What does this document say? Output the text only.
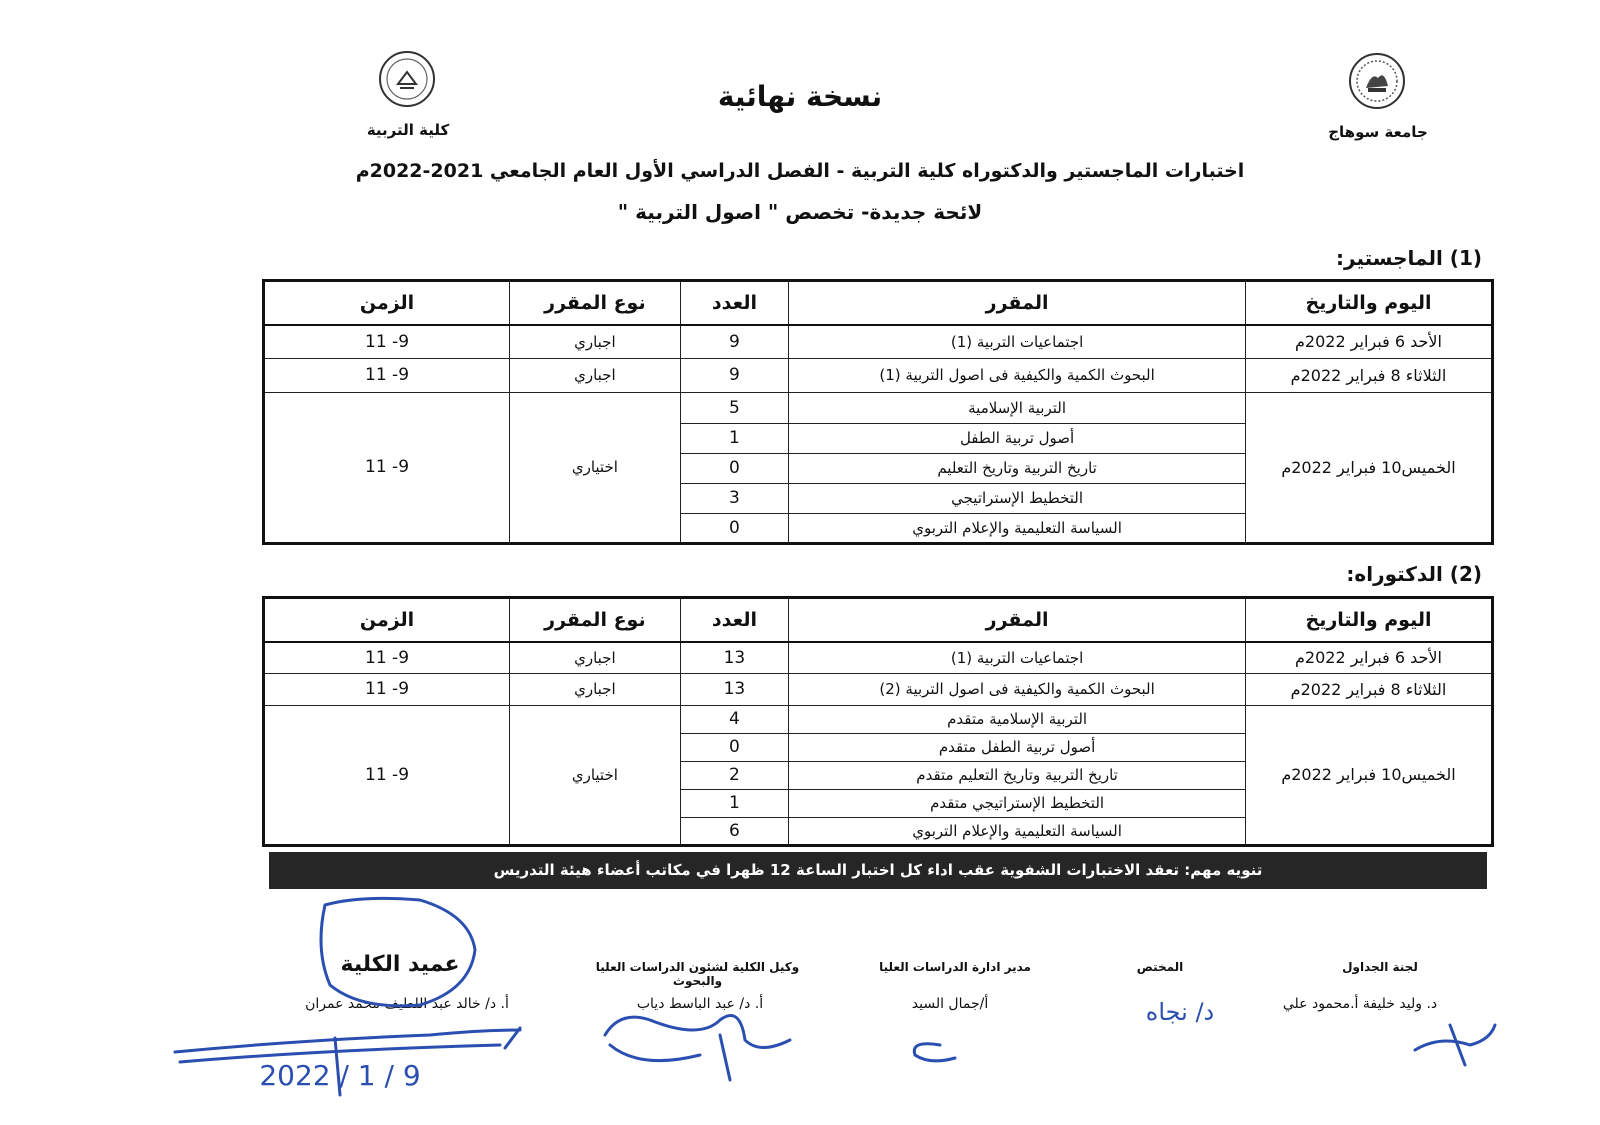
جامعة سوهاج
كلية التربية
نسخة نهائية
اختبارات الماجستير والدكتوراه كلية التربية - الفصل الدراسي الأول العام الجامعي 2021-2022م
لائحة جديدة- تخصص " اصول التربية "
(1) الماجستير:
اليوم والتاريخ	المقرر	العدد	نوع المقرر	الزمن
الأحد 6 فبراير 2022م	اجتماعيات التربية (1)	9	اجباري	9- 11
الثلاثاء 8 فبراير 2022م	البحوث الكمية والكيفية فى اصول التربية (1)	9	اجباري	9- 11
الخميس10 فبراير 2022م	التربية الإسلامية	5	اختياري	9- 11
	أصول تربية الطفل	1		
	تاريخ التربية وتاريخ التعليم	0		
	التخطيط الإستراتيجي	3		
	السياسة التعليمية والإعلام التربوي	0		
(2) الدكتوراه:
اليوم والتاريخ	المقرر	العدد	نوع المقرر	الزمن
الأحد 6 فبراير 2022م	اجتماعيات التربية (1)	13	اجباري	9- 11
الثلاثاء 8 فبراير 2022م	البحوث الكمية والكيفية فى اصول التربية (2)	13	اجباري	9- 11
الخميس10 فبراير 2022م	التربية الإسلامية متقدم	4	اختياري	9- 11
	أصول تربية الطفل متقدم	0		
	تاريخ التربية وتاريخ التعليم متقدم	2		
	التخطيط الإستراتيجي متقدم	1		
	السياسة التعليمية والإعلام التربوي	6		
تنويه مهم: تعقد الاختبارات الشفوية عقب اداء كل اختبار الساعة 12 ظهرا في مكاتب أعضاء هيئة التدريس
لجنة الجداول
المختص
مدير ادارة الدراسات العليا
وكيل الكلية لشئون الدراسات العليا والبحوث
عميد الكلية
د. وليد خليفة أ.محمود علي
أ/جمال السيد
أ. د/ عبد الباسط دياب
أ. د/ خالد عبد اللطيف محمد عمران	د/ نجاه
2022 / 1 / 9
